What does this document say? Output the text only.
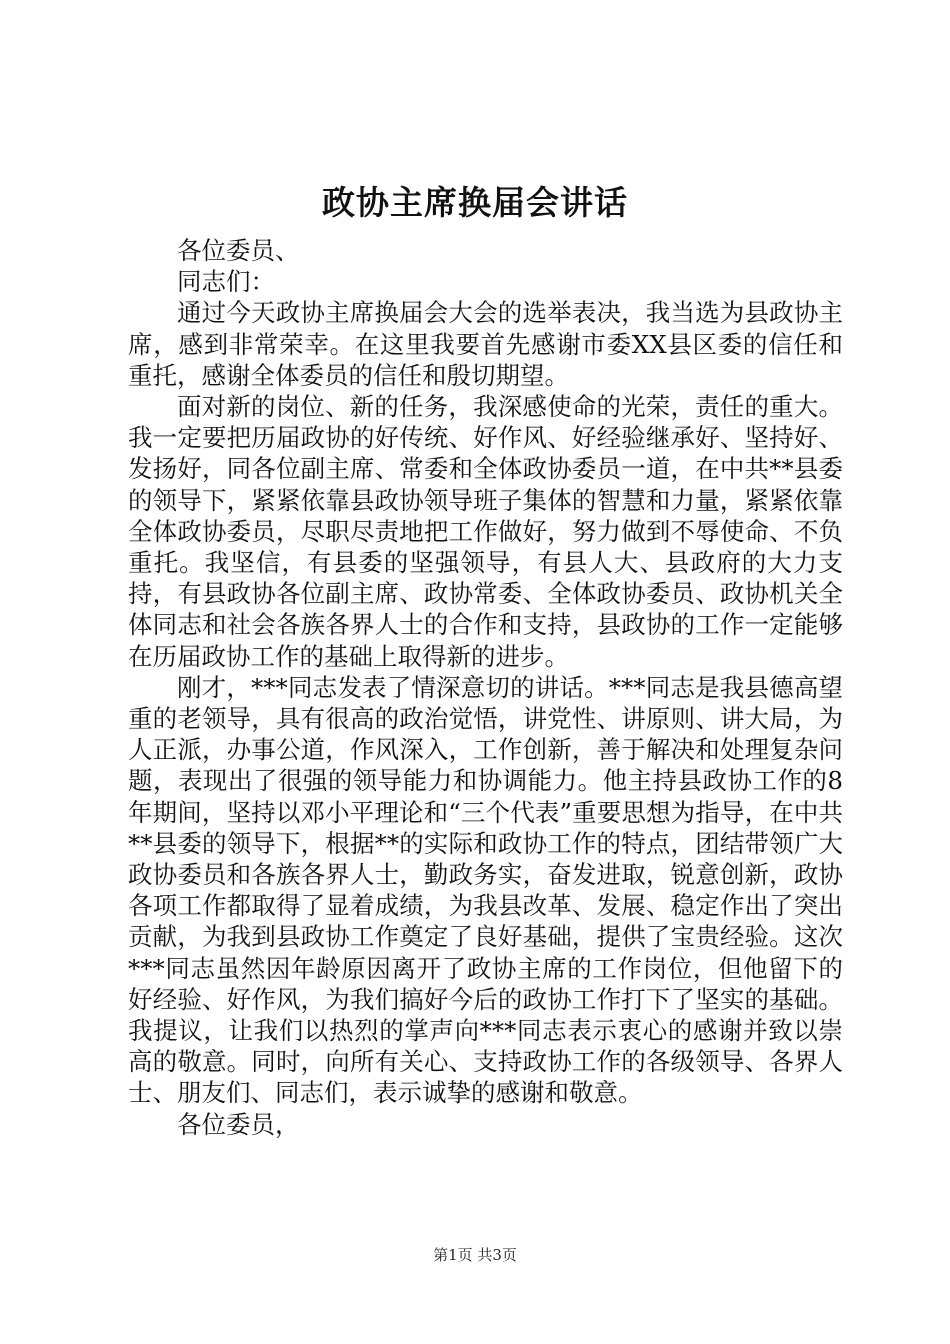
政协主席换届会讲话

各位委员、

同志们：

通过今天政协主席换届会大会的选举表决，我当选为县政协主席，感到非常荣幸。在这里我要首先感谢市委XX县区委的信任和重托，感谢全体委员的信任和殷切期望。

面对新的岗位、新的任务，我深感使命的光荣，责任的重大。我一定要把历届政协的好传统、好作风、好经验继承好、坚持好、发扬好，同各位副主席、常委和全体政协委员一道，在中共**县委的领导下，紧紧依靠县政协领导班子集体的智慧和力量，紧紧依靠全体政协委员，尽职尽责地把工作做好，努力做到不辱使命、不负重托。我坚信，有县委的坚强领导，有县人大、县政府的大力支持，有县政协各位副主席、政协常委、全体政协委员、政协机关全体同志和社会各族各界人士的合作和支持，县政协的工作一定能够在历届政协工作的基础上取得新的进步。

刚才，***同志发表了情深意切的讲话。***同志是我县德高望重的老领导，具有很高的政治觉悟，讲党性、讲原则、讲大局，为人正派，办事公道，作风深入，工作创新，善于解决和处理复杂问题，表现出了很强的领导能力和协调能力。他主持县政协工作的8年期间，坚持以邓小平理论和“三个代表”重要思想为指导，在中共**县委的领导下，根据**的实际和政协工作的特点，团结带领广大政协委员和各族各界人士，勤政务实，奋发进取，锐意创新，政协各项工作都取得了显着成绩，为我县改革、发展、稳定作出了突出贡献，为我到县政协工作奠定了良好基础，提供了宝贵经验。这次***同志虽然因年龄原因离开了政协主席的工作岗位，但他留下的好经验、好作风，为我们搞好今后的政协工作打下了坚实的基础。我提议，让我们以热烈的掌声向***同志表示衷心的感谢并致以崇高的敬意。同时，向所有关心、支持政协工作的各级领导、各界人士、朋友们、同志们，表示诚挚的感谢和敬意。

各位委员，

第1页 共3页
